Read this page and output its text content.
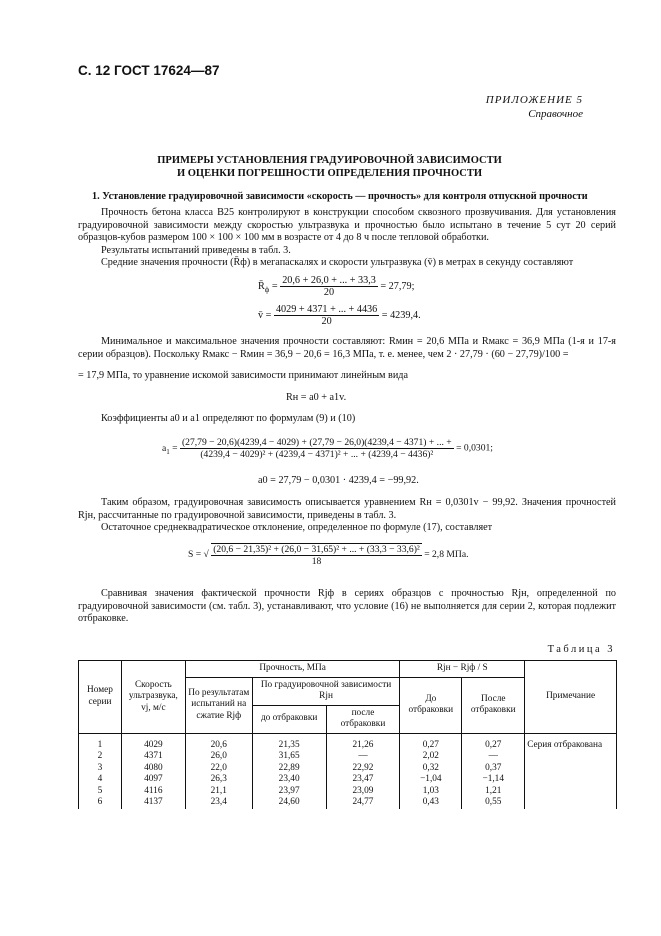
С. 12 ГОСТ 17624—87
ПРИЛОЖЕНИЕ 5
Справочное
ПРИМЕРЫ УСТАНОВЛЕНИЯ ГРАДУИРОВОЧНОЙ ЗАВИСИМОСТИ
И ОЦЕНКИ ПОГРЕШНОСТИ ОПРЕДЕЛЕНИЯ ПРОЧНОСТИ
1. Установление градуировочной зависимости «скорость — прочность» для контроля отпускной прочности
Прочность бетона класса В25 контролируют в конструкции способом сквозного прозвучивания. Для установления градуировочной зависимости между скоростью ультразвука и прочностью было испытано в течение 5 сут 20 серий образцов-кубов размером 100 × 100 × 100 мм в возрасте от 4 до 8 ч после тепловой обработки.
Результаты испытаний приведены в табл. 3.
Средние значения прочности (R̄ф) в мегапаскалях и скорости ультразвука (v̄) в метрах в секунду составляют
$R̄_ф = \frac{20,6 + 26,0 + ... + 33,3}{20} = 27,79$;
v̄ = $\frac{4029 + 4371 + ... + 4436}{20} = 4239,4$.
Минимальное и максимальное значения прочности составляют: Rмин = 20,6 МПа и Rмакс = 36,9 МПа (1-я и 17-я серии образцов). Поскольку Rмакс − Rмин = 36,9 − 20,6 = 16,3 МПа, т. е. менее, чем 2 · 27,79 · (60 − 27,79)/100 =
= 17,9 МПа, то уравнение искомой зависимости принимают линейным вида
Rн = a0 + a1v.
Коэффициенты a0 и a1 определяют по формулам (9) и (10)
$a_1$ =
(27,79 − 20,6)(4239,4 − 4029) + (27,79 − 26,0)(4239,4 − 4371) + ... +
(4239,4 − 4029)² + (4239,4 − 4371)² + ... + (4239,4 − 4436)²
= 0,0301;
a0 = 27,79 − 0,0301 · 4239,4 = −99,92.
Таким образом, градуировочная зависимость описывается уравнением Rн = 0,0301v − 99,92. Значения прочностей Rjн, рассчитанные по градуировочной зависимости, приведены в табл. 3.
Остаточное среднеквадратическое отклонение, определенное по формуле (17), составляет
S = √ $\frac{\text{(20,6 − 21,35)² + (26,0 − 31,65)² + ... + (33,3 − 33,6)²}}{18} = 2,8$ МПа.
Сравнивая значения фактической прочности Rjф в сериях образцов с прочностью Rjн, определенной по градуировочной зависимости (см. табл. 3), устанавливают, что условие (16) не выполняется для серии 2, которая подлежит отбраковке.
Таблица 3
Номер серии	Скорость ультразвука, vj, м/с	Прочность, МПа			Rjн − Rjф / S		Примечание
		По результатам испытаний на сжатие Rjф	По градуировочной зависимости Rjн		До отбраковки	После отбраковки	
			до отбраковки	после отбраковки			
1	4029	20,6	21,35	21,26	0,27	0,27	Серия отбракована
2	4371	26,0	31,65	—	2,02	—	
3	4080	22,0	22,89	22,92	0,32	0,37	
4	4097	26,3	23,40	23,47	−1,04	−1,14	
5	4116	21,1	23,97	23,09	1,03	1,21	
6	4137	23,4	24,60	24,77	0,43	0,55	
